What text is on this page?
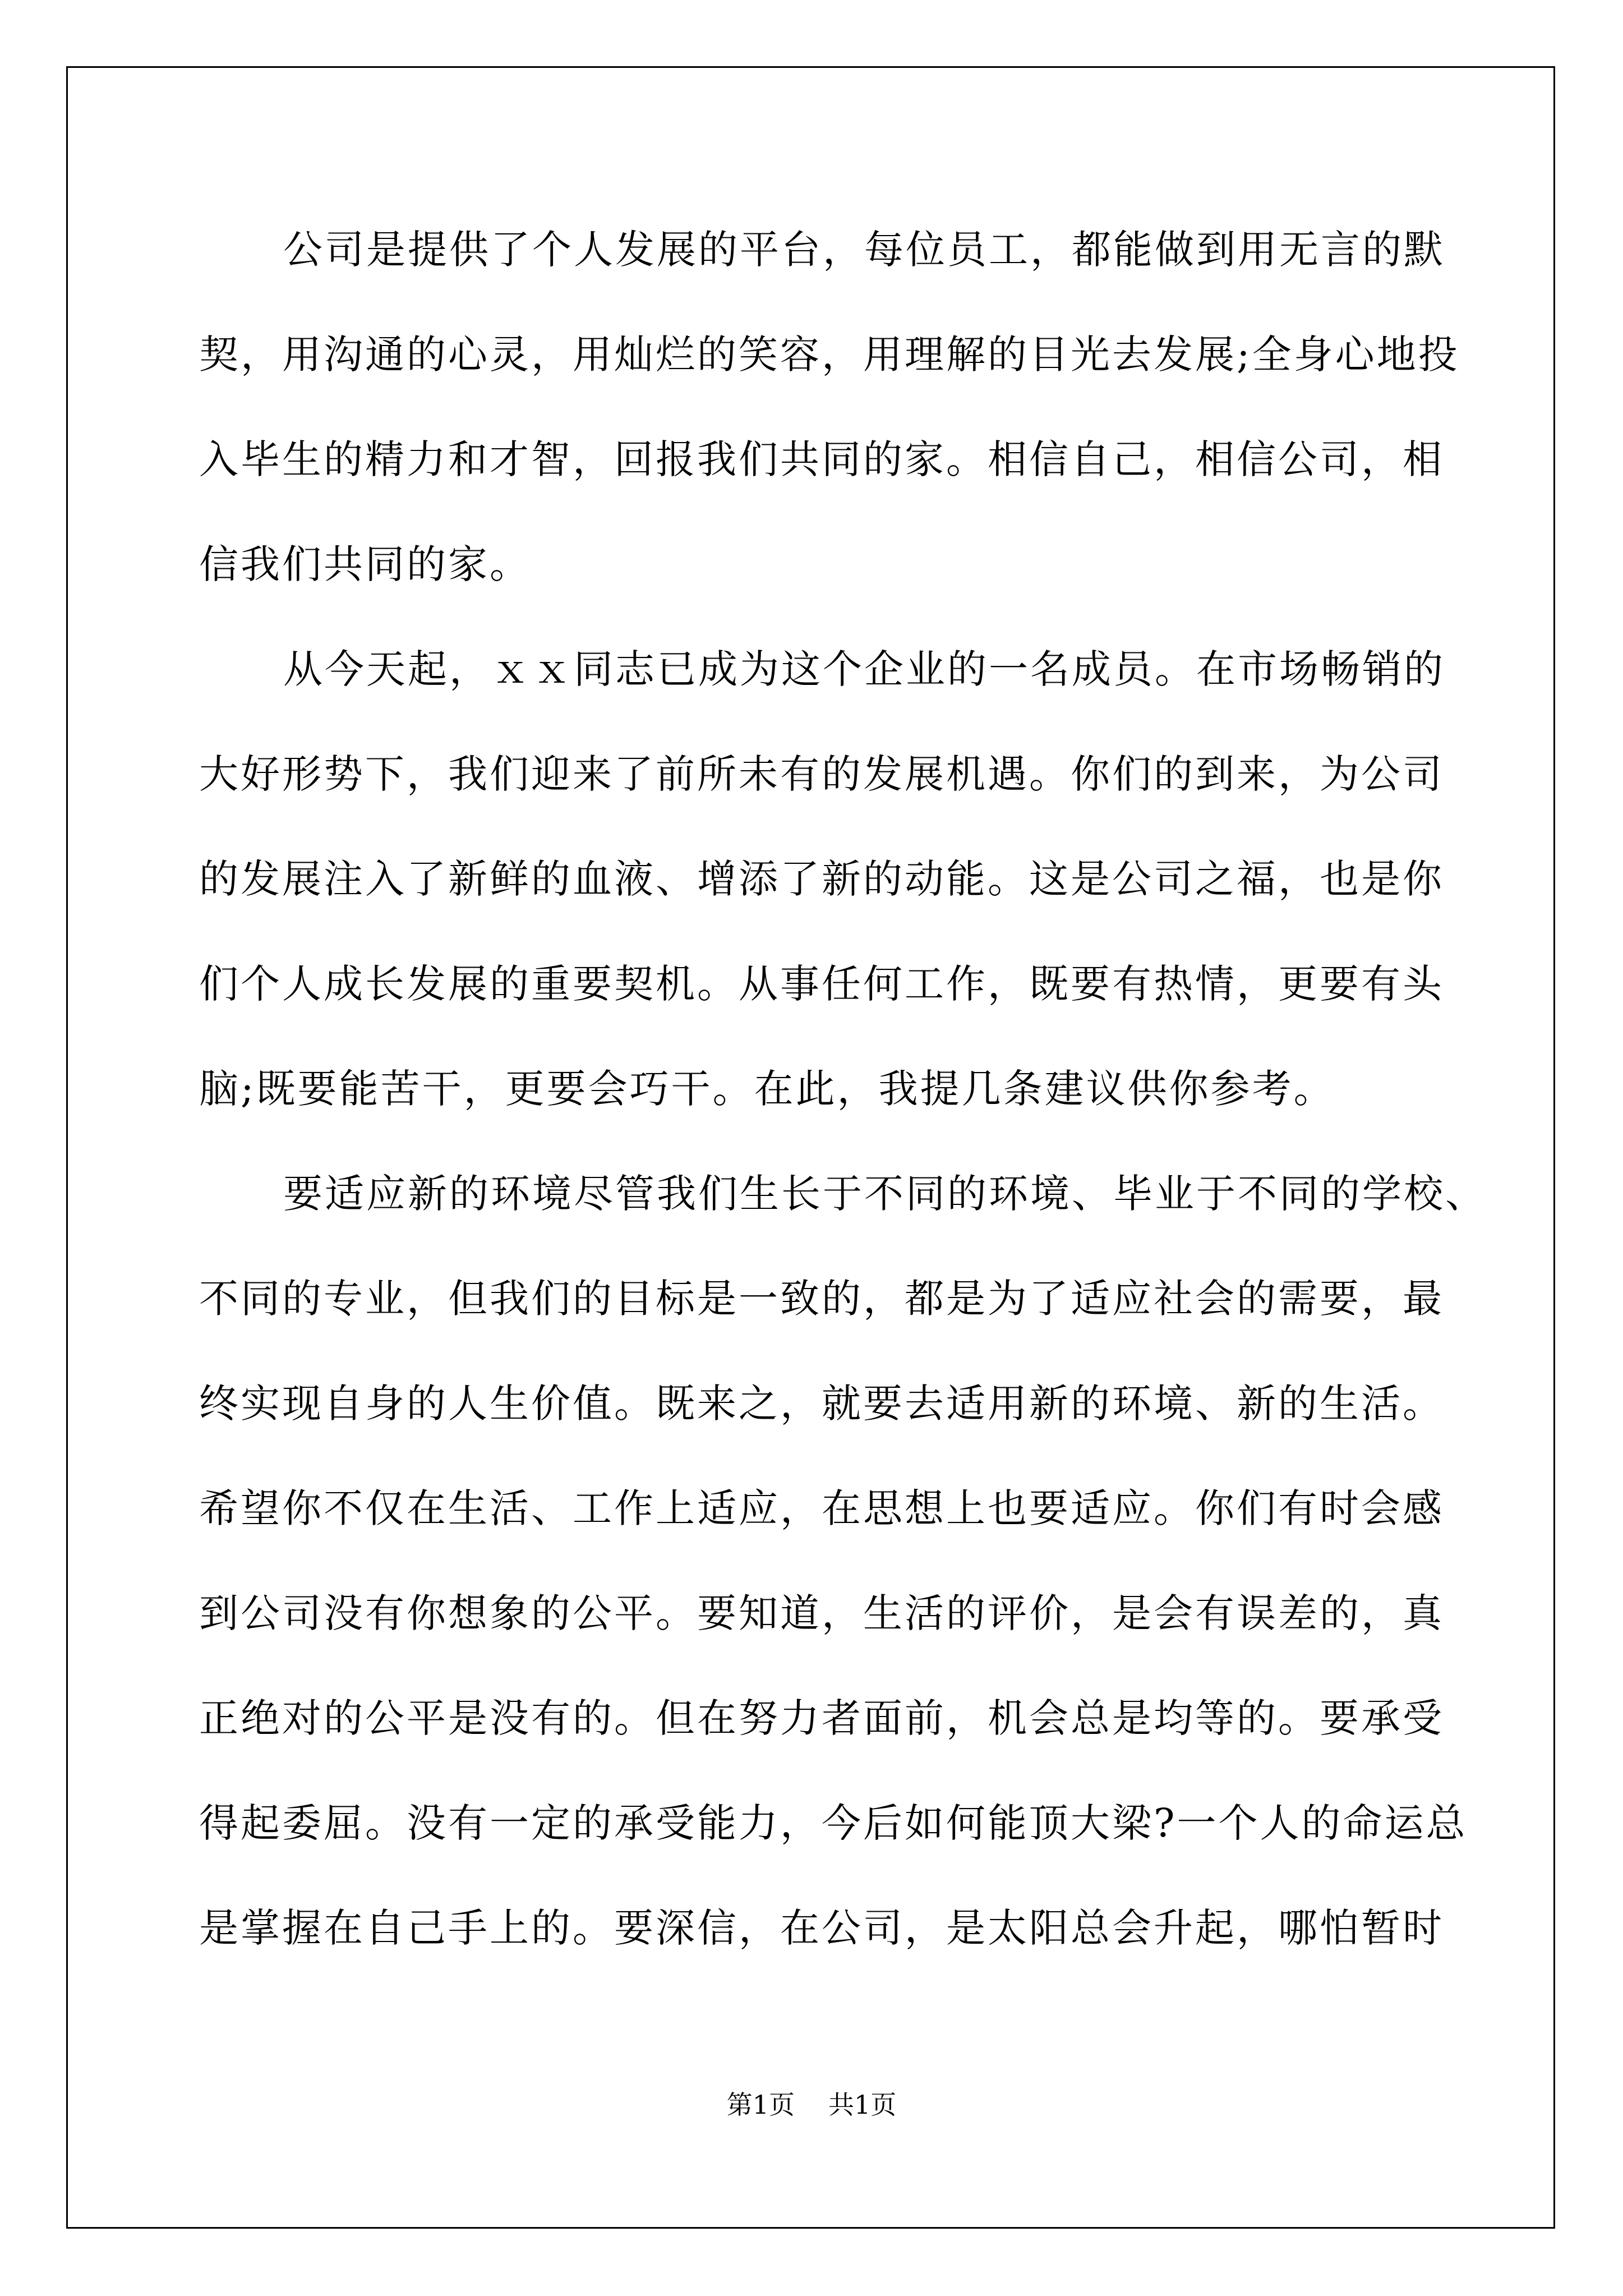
公司是提供了个人发展的平台，每位员工，都能做到用无言的默
契，用沟通的心灵，用灿烂的笑容，用理解的目光去发展;全身心地投
入毕生的精力和才智，回报我们共同的家。相信自己，相信公司，相
信我们共同的家。
从今天起，ｘｘ同志已成为这个企业的一名成员。在市场畅销的
大好形势下，我们迎来了前所未有的发展机遇。你们的到来，为公司
的发展注入了新鲜的血液、增添了新的动能。这是公司之福，也是你
们个人成长发展的重要契机。从事任何工作，既要有热情，更要有头
脑;既要能苦干，更要会巧干。在此，我提几条建议供你参考。
要适应新的环境尽管我们生长于不同的环境、毕业于不同的学校、
不同的专业，但我们的目标是一致的，都是为了适应社会的需要，最
终实现自身的人生价值。既来之，就要去适用新的环境、新的生活。
希望你不仅在生活、工作上适应，在思想上也要适应。你们有时会感
到公司没有你想象的公平。要知道，生活的评价，是会有误差的，真
正绝对的公平是没有的。但在努力者面前，机会总是均等的。要承受
得起委屈。没有一定的承受能力，今后如何能顶大梁?一个人的命运总
是掌握在自己手上的。要深信，在公司，是太阳总会升起，哪怕暂时
第1页 共1页
